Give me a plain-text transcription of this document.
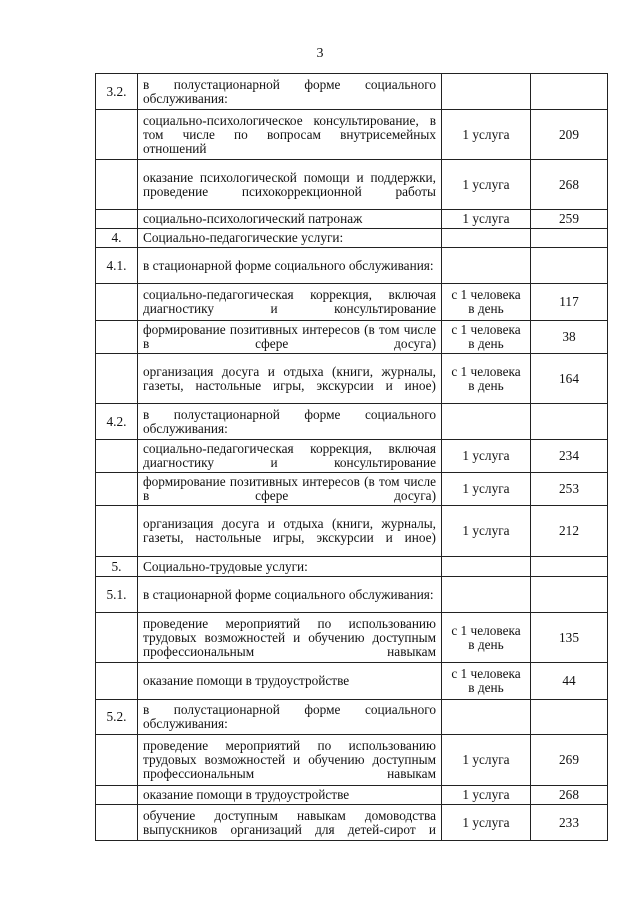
3
3.2.	в полустационарной форме социального обслуживания:		

	социально-психологическое консультирование, в том числе по вопросам внутрисемейных отношений	1 услуга	209

	оказание психологической помощи и поддержки, проведение психокоррекционной работы	1 услуга	268

	социально-психологический патронаж	1 услуга	259
4.	Социально-педагогические услуги:		

4.1.	в стационарной форме социального обслуживания:		

	социально-педагогическая коррекция, включая диагностику и консультирование	с 1 человека в день	117

	формирование позитивных интересов (в том числе в сфере досуга)	с 1 человека в день	38

	организация досуга и отдыха (книги, журналы, газеты, настольные игры, экскурсии и иное)	с 1 человека в день	164
4.2.	в полустационарной форме социального обслуживания:		

	социально-педагогическая коррекция, включая диагностику и консультирование	1 услуга	234

	формирование позитивных интересов (в том числе в сфере досуга)	1 услуга	253

	организация досуга и отдыха (книги, журналы, газеты, настольные игры, экскурсии и иное)	1 услуга	212
5.	Социально-трудовые услуги:		

5.1.	в стационарной форме социального обслуживания:		

	проведение мероприятий по использованию трудовых возможностей и обучению доступным профессиональным навыкам	с 1 человека в день	135

	оказание помощи в трудоустройстве	с 1 человека в день	44
5.2.	в полустационарной форме социального обслуживания:		

	проведение мероприятий по использованию трудовых возможностей и обучению доступным профессиональным навыкам	1 услуга	269

	оказание помощи в трудоустройстве	1 услуга	268

	обучение доступным навыкам домоводства выпускников организаций для детей-сирот и	1 услуга	233
